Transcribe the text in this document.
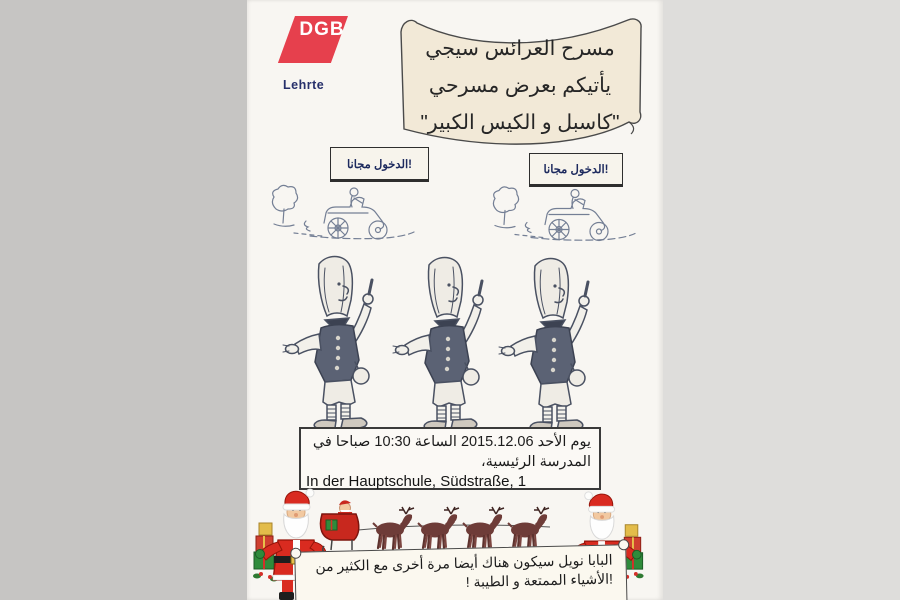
DGB
Lehrte
مسرح العرائس سيجي
يأتيكم بعرض مسرحي
"كاسبل و الكيس الكبير"
!الدخول مجانا	!الدخول مجانا
يوم الأحد 2015.12.06 الساعة 10:30 صباحا في
المدرسة الرئيسية،
In der Hauptschule, Südstraße, 1
البابا نويل سيكون هناك أيضا مرة أخرى مع الكثير من
!الأشياء الممتعة و الطيبة !
